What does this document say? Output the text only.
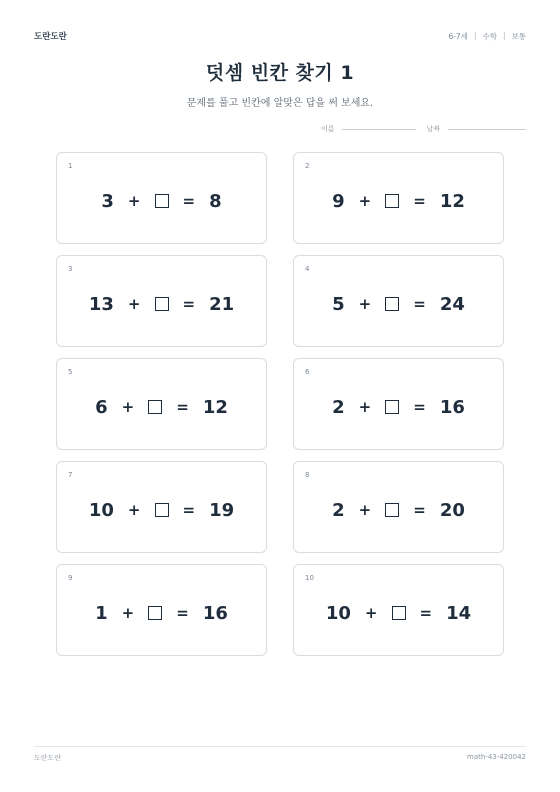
도란도란	6-7세 | 수학 | 보통
덧셈 빈칸 찾기 1
문제를 풀고 빈칸에 알맞은 답을 써 보세요.
이름	날짜
1
3 +	= 8
2
9 +	= 12
3
13 +	= 21
4
5 +	= 24
5
6 +	= 12
6
2 +	= 16
7
10 +	= 19
8
2 +	= 20
9
1 +	= 16
10
10 +	= 14
도란도란	math-43-420042
